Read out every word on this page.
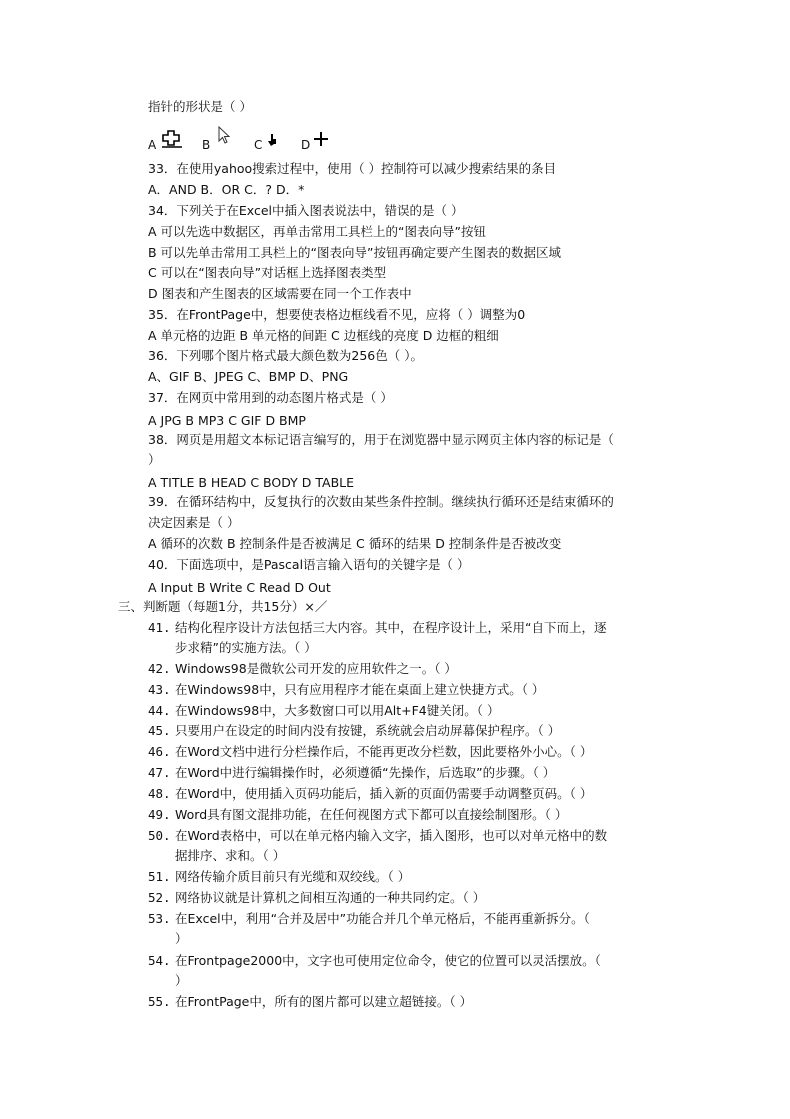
指针的形状是（ ）
A	B	C	D
33．在使用yahoo搜索过程中，使用（ ）控制符可以减少搜索结果的条目
A．AND B．OR C．? D．*
34．下列关于在Excel中插入图表说法中，错误的是（ ）
A 可以先选中数据区，再单击常用工具栏上的“图表向导”按钮
B 可以先单击常用工具栏上的“图表向导”按钮再确定要产生图表的数据区域
C 可以在“图表向导”对话框上选择图表类型
D 图表和产生图表的区域需要在同一个工作表中
35．在FrontPage中，想要使表格边框线看不见，应将（ ）调整为0
A 单元格的边距 B 单元格的间距 C 边框线的亮度 D 边框的粗细
36．下列哪个图片格式最大颜色数为256色（ ）。
A、GIF B、JPEG C、BMP D、PNG
37．在网页中常用到的动态图片格式是（ ）
A JPG B MP3 C GIF D BMP
38．网页是用超文本标记语言编写的，用于在浏览器中显示网页主体内容的标记是（
）
A TITLE B HEAD C BODY D TABLE
39．在循环结构中，反复执行的次数由某些条件控制。继续执行循环还是结束循环的
决定因素是（ ）
A 循环的次数 B 控制条件是否被满足 C 循环的结果 D 控制条件是否被改变
40．下面选项中，是Pascal语言输入语句的关键字是（ ）
A Input B Write C Read D Out
三、判断题（每题1分，共15分）×／
41. 结构化程序设计方法包括三大内容。其中，在程序设计上，采用“自下而上，逐
步求精”的实施方法。（ ）
42. Windows98是微软公司开发的应用软件之一。（ ）
43. 在Windows98中，只有应用程序才能在桌面上建立快捷方式。（ ）
44. 在Windows98中，大多数窗口可以用Alt+F4键关闭。（ ）
45. 只要用户在设定的时间内没有按键，系统就会启动屏幕保护程序。（ ）
46. 在Word文档中进行分栏操作后，不能再更改分栏数，因此要格外小心。（ ）
47. 在Word中进行编辑操作时，必须遵循“先操作，后选取”的步骤。（ ）
48. 在Word中，使用插入页码功能后，插入新的页面仍需要手动调整页码。（ ）
49. Word具有图文混排功能，在任何视图方式下都可以直接绘制图形。（ ）
50. 在Word表格中，可以在单元格内输入文字，插入图形，也可以对单元格中的数
据排序、求和。（ ）
51. 网络传输介质目前只有光缆和双绞线。（ ）
52. 网络协议就是计算机之间相互沟通的一种共同约定。（ ）
53. 在Excel中，利用“合并及居中”功能合并几个单元格后，不能再重新拆分。（
）
54. 在Frontpage2000中，文字也可使用定位命令，使它的位置可以灵活摆放。（
）
55. 在FrontPage中，所有的图片都可以建立超链接。（ ）
